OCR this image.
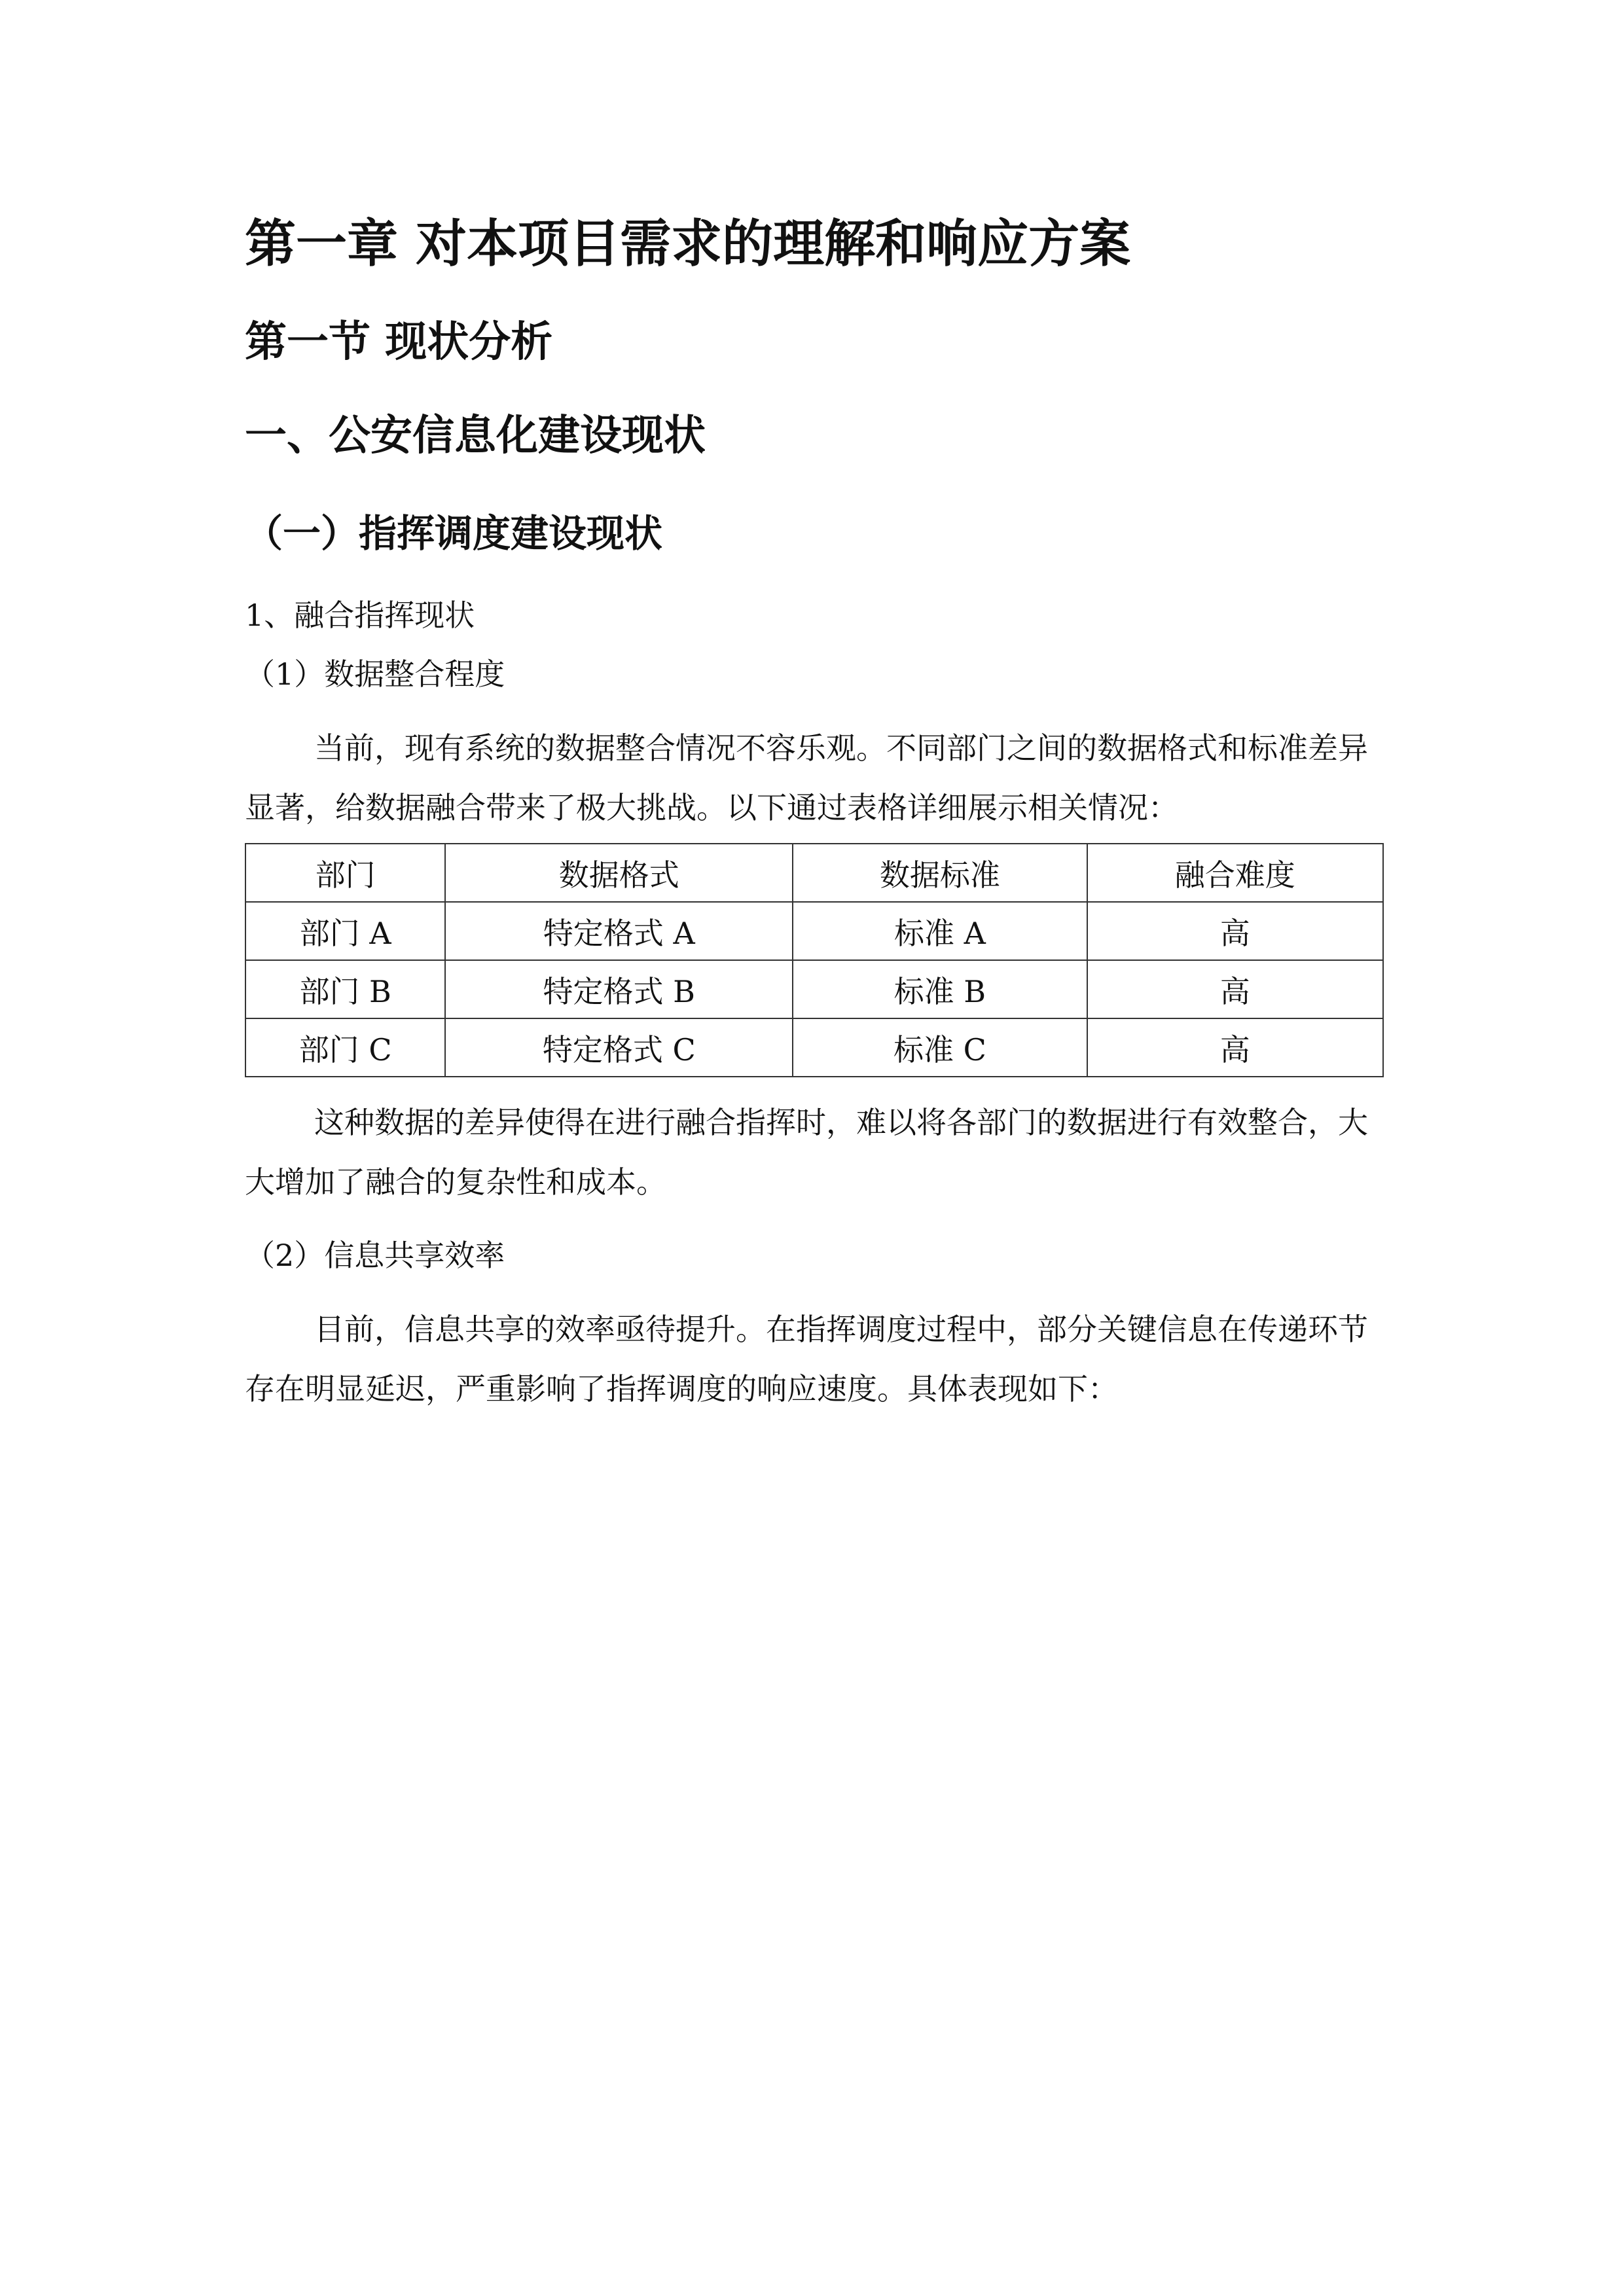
第一章 对本项目需求的理解和响应方案
第一节 现状分析
一、公安信息化建设现状
（一）指挥调度建设现状
1、融合指挥现状
（1）数据整合程度

当前，现有系统的数据整合情况不容乐观。不同部门之间的数据格式和标准差异显著，给数据融合带来了极大挑战。以下通过表格详细展示相关情况：

部门	数据格式	数据标准	融合难度
部门 A	特定格式 A	标准 A	高
部门 B	特定格式 B	标准 B	高
部门 C	特定格式 C	标准 C	高

这种数据的差异使得在进行融合指挥时，难以将各部门的数据进行有效整合，大大增加了融合的复杂性和成本。

（2）信息共享效率

目前，信息共享的效率亟待提升。在指挥调度过程中，部分关键信息在传递环节存在明显延迟，严重影响了指挥调度的响应速度。具体表现如下：
